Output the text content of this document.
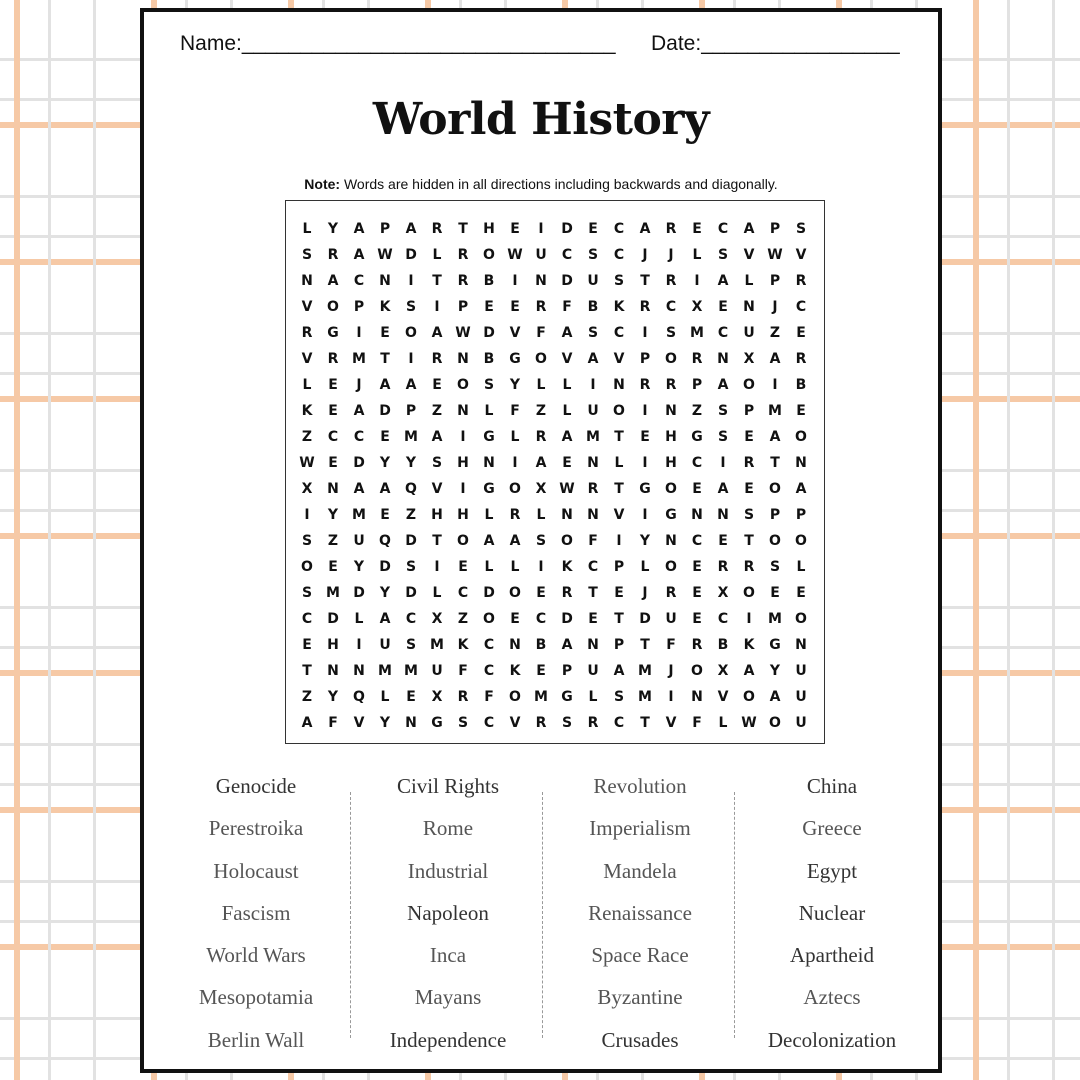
Name:________________________________ Date:_________________
World History
Note: Words are hidden in all directions including backwards and diagonally.
L	Y	A	P	A	R	T	H	E	I	D	E	C	A	R	E	C	A	P	S
S	R	A W D	L	R	O W U	C	S	C	J	J	L	S	V W V
N	A	C	N	I	T	R	B	I	N	D	U	S	T	R	I	A	L	P	R
V	O	P	K	S	I	P	E	E	R	F	B	K	R	C	X	E	N	J	C
R	G	I	E	O	A W D	V	F	A	S	C	I	S M C	U	Z	E
V	R M	T	I	R	N	B	G	O	V	A	V	P	O	R	N	X	A	R
L	E	J	A	A	E	O	S	Y	L	L	I	N	R	R	P	A	O	I	B
K	E	A	D	P	Z	N	L	F	Z	L	U	O	I	N	Z	S	P M	E
Z	C	C	E	M A	I	G	L	R	A M	T	E	H	G	S	E	A	O
W E	D	Y	Y	S	H	N	I	A	E	N	L	I	H	C	I	R	T	N
X	N	A	A	Q	V	I	G	O	X W R	T	G	O	E	A	E	O	A
I	Y M	E	Z	H	H	L	R	L	N	N	V	I	G	N	N	S	P	P
S	Z	U	Q	D	T	O	A	A	S	O	F	I	Y	N	C	E	T	O	O
O	E	Y	D	S	I	E	L	L	I	K	C	P	L	O	E	R	R	S	L
S M D	Y	D	L	C	D	O	E	R	T	E	J	R	E	X	O	E	E
C	D	L	A	C	X	Z	O	E	C	D	E	T	D	U	E	C	I	M O
E	H	I	U	S M K	C	N	B	A	N	P	T	F	R	B	K	G	N
T	N	N M M U	F	C	K	E	P	U	A M	J	O	X	A	Y	U
Z	Y	Q	L	E	X	R	F	O M G	L	S M	I	N	V	O	A	U
A	F	V	Y	N	G	S	C	V	R	S	R	C	T	V	F	L W O	U
Genocide
Perestroika
Holocaust
Fascism
World Wars
Mesopotamia
Berlin Wall
Civil Rights
Rome
Industrial
Napoleon
Inca
Mayans
Independence
Revolution
Imperialism
Mandela
Renaissance
Space Race
Byzantine
Crusades
China
Greece
Egypt
Nuclear
Apartheid
Aztecs
Decolonization
